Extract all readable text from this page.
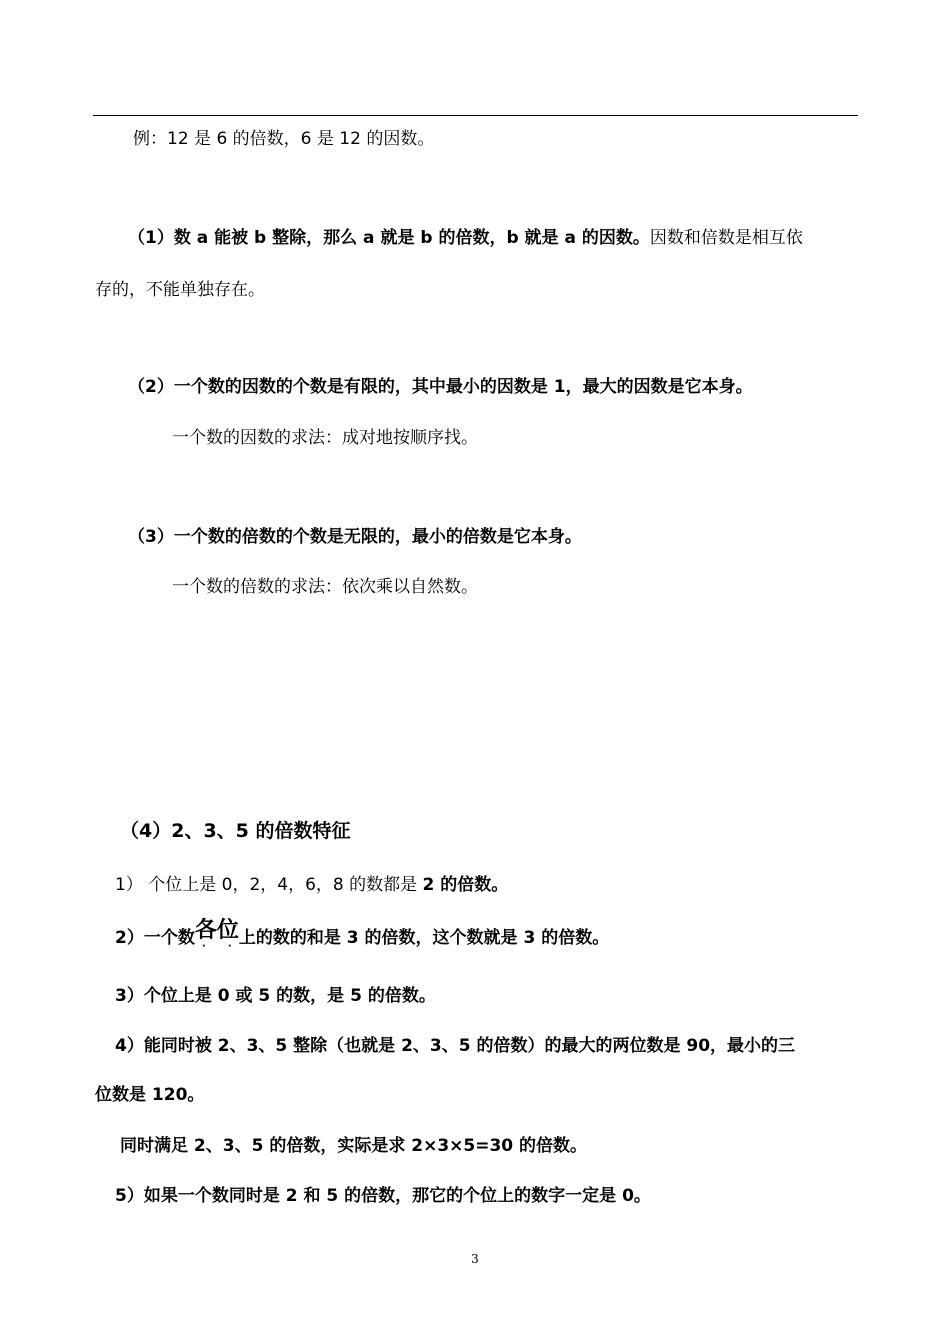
例：12 是 6 的倍数，6 是 12 的因数。
（1）数 a 能被 b 整除，那么 a 就是 b 的倍数，b 就是 a 的因数。因数和倍数是相互依
存的，不能单独存在。
（2）一个数的因数的个数是有限的，其中最小的因数是 1，最大的因数是它本身。
一个数的因数的求法：成对地按顺序找。
（3）一个数的倍数的个数是无限的，最小的倍数是它本身。
一个数的倍数的求法：依次乘以自然数。
（4）2、3、5 的倍数特征
1） 个位上是 0，2，4，6，8 的数都是 2 的倍数。
2）一个数各位
· · 上的数的和是 3 的倍数，这个数就是 3 的倍数。
3）个位上是 0 或 5 的数，是 5 的倍数。
4）能同时被 2、3、5 整除（也就是 2、3、5 的倍数）的最大的两位数是 90，最小的三
位数是 120。
同时满足 2、3、5 的倍数，实际是求 2×3×5=30 的倍数。
5）如果一个数同时是 2 和 5 的倍数，那它的个位上的数字一定是 0。
3
